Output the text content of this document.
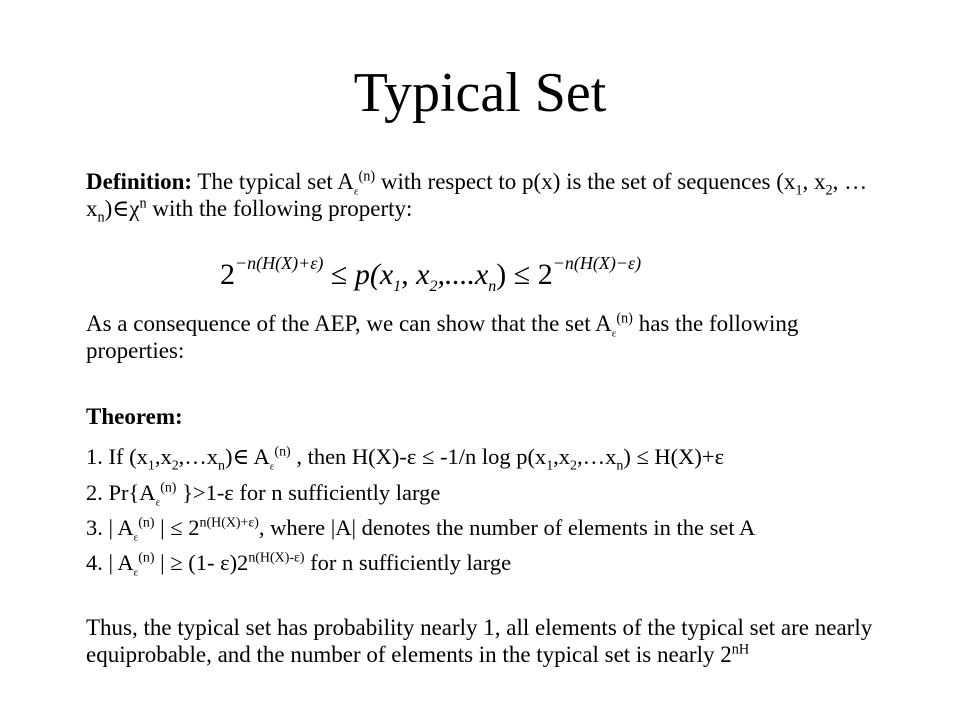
Typical Set
Definition: The typical set $A_\varepsilon^{(n)}$ with respect to p(x) is the set of sequences ($x_1$, $x_2$, $\dots x_n)\in\chi^n$ with the following property:
$2^{-n(H(X)+\varepsilon)} \le p(x_1$, $x_2,....x_n) \le 2^{-n(H(X)-\varepsilon)}$
As a consequence of the AEP, we can show that the set $A_\varepsilon^{(n)}$ has the following properties:
Theorem:
1. If $(x_1,x_2,\dots x_n)\in$ $A_\varepsilon^{(n)}$ , then H(X)-ε ≤ -1/n $\log p(x_1,x_2,\dots x_n) \le H(X)+\varepsilon$
2. $Pr\{A_\varepsilon^{(n)}$ }>1-ε for n sufficiently large
3. | $A_\varepsilon^{(n)}$ | ≤ $2^{n(H(X)+\varepsilon)}$, where |A| denotes the number of elements in the set A
4. | $A_\varepsilon^{(n)}$ | ≥ (1- $\varepsilon)2^{n(H(X)-\varepsilon)}$ for n sufficiently large
Thus, the typical set has probability nearly 1, all elements of the typical set are nearly equiprobable, and the number of elements in the typical set is nearly $2^{nH}$
